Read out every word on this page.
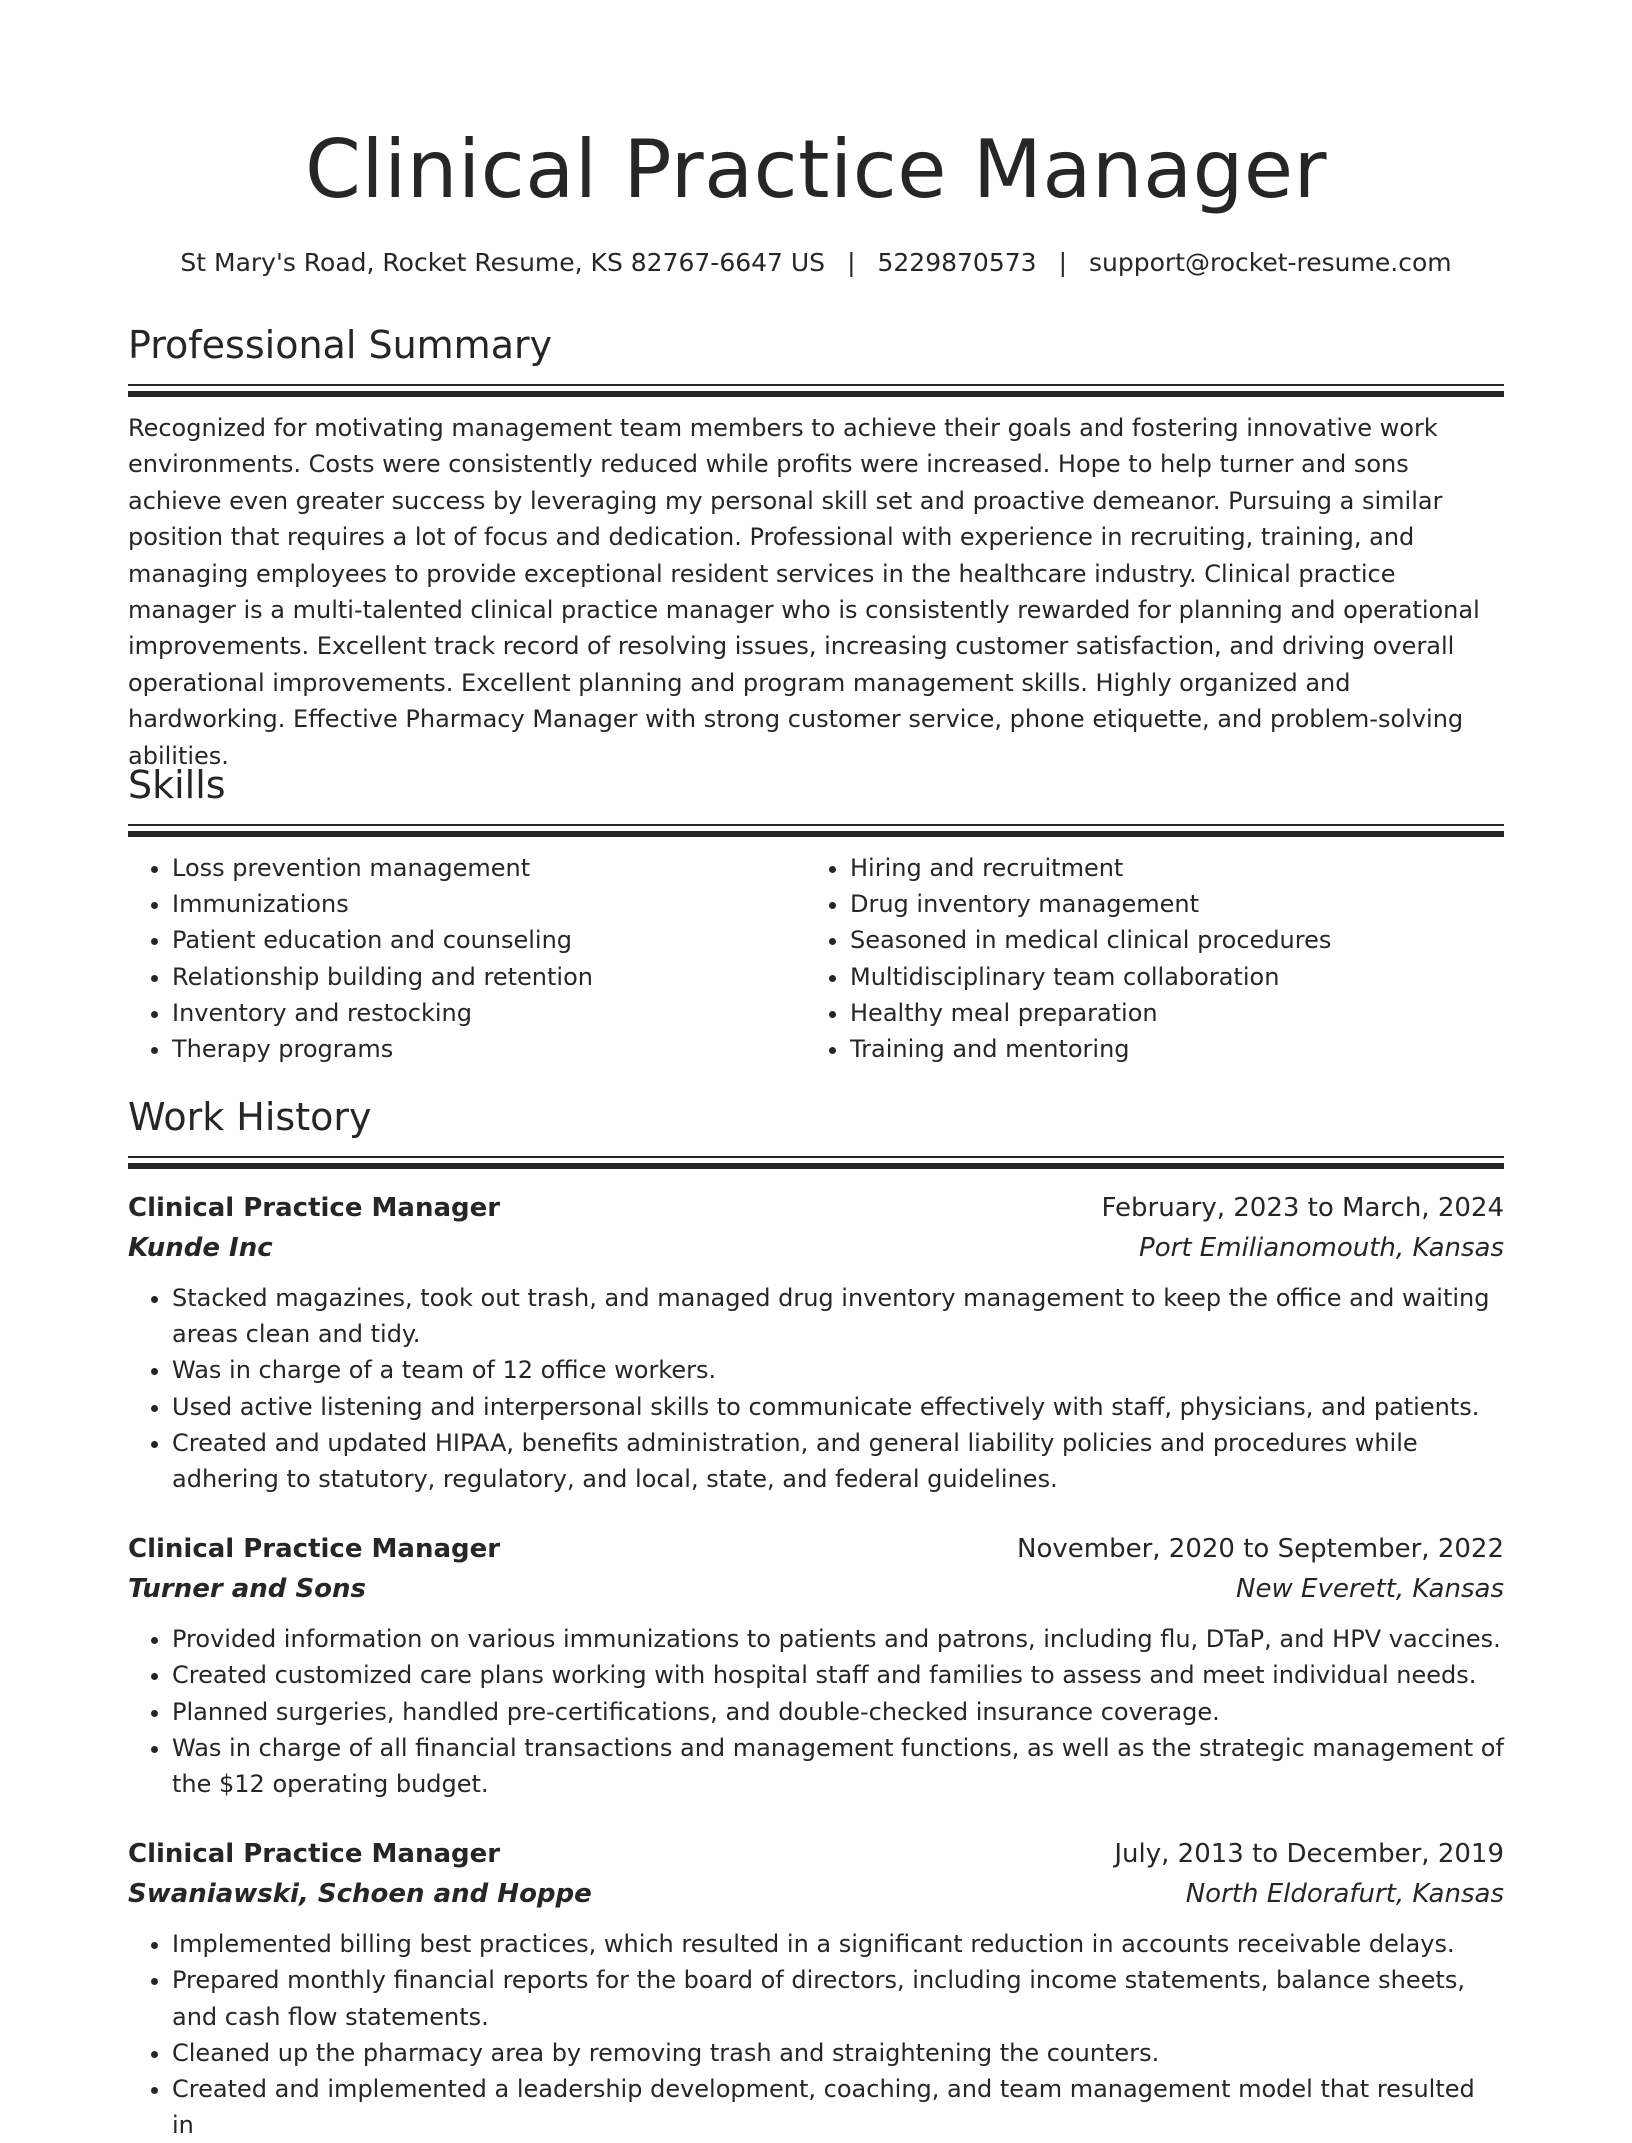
Clinical Practice Manager
St Mary's Road, Rocket Resume, KS 82767-6647 US | 5229870573 | support@rocket-resume.com
Professional Summary

Recognized for motivating management team members to achieve their goals and fostering innovative work environments. Costs were consistently reduced while profits were increased. Hope to help turner and sons achieve even greater success by leveraging my personal skill set and proactive demeanor. Pursuing a similar position that requires a lot of focus and dedication. Professional with experience in recruiting, training, and managing employees to provide exceptional resident services in the healthcare industry. Clinical practice manager is a multi-talented clinical practice manager who is consistently rewarded for planning and operational improvements. Excellent track record of resolving issues, increasing customer satisfaction, and driving overall operational improvements. Excellent planning and program management skills. Highly organized and hardworking. Effective Pharmacy Manager with strong customer service, phone etiquette, and problem-solving abilities.

Skills
• Loss prevention management
• Immunizations
• Patient education and counseling
• Relationship building and retention
• Inventory and restocking
• Therapy programs
• Hiring and recruitment
• Drug inventory management
• Seasoned in medical clinical procedures
• Multidisciplinary team collaboration
• Healthy meal preparation
• Training and mentoring
Work History
Clinical Practice Manager	February, 2023 to March, 2024
Kunde Inc	Port Emilianomouth, Kansas
• Stacked magazines, took out trash, and managed drug inventory management to keep the office and waiting areas clean and tidy.
• Was in charge of a team of 12 office workers.
• Used active listening and interpersonal skills to communicate effectively with staff, physicians, and patients.
• Created and updated HIPAA, benefits administration, and general liability policies and procedures while adhering to statutory, regulatory, and local, state, and federal guidelines.
Clinical Practice Manager	November, 2020 to September, 2022
Turner and Sons	New Everett, Kansas
• Provided information on various immunizations to patients and patrons, including flu, DTaP, and HPV vaccines.
• Created customized care plans working with hospital staff and families to assess and meet individual needs.
• Planned surgeries, handled pre-certifications, and double-checked insurance coverage.
• Was in charge of all financial transactions and management functions, as well as the strategic management of the $12 operating budget.
Clinical Practice Manager	July, 2013 to December, 2019
Swaniawski, Schoen and Hoppe	North Eldorafurt, Kansas
• Implemented billing best practices, which resulted in a significant reduction in accounts receivable delays.
• Prepared monthly financial reports for the board of directors, including income statements, balance sheets, and cash flow statements.
• Cleaned up the pharmacy area by removing trash and straightening the counters.
• Created and implemented a leadership development, coaching, and team management model that resulted in
